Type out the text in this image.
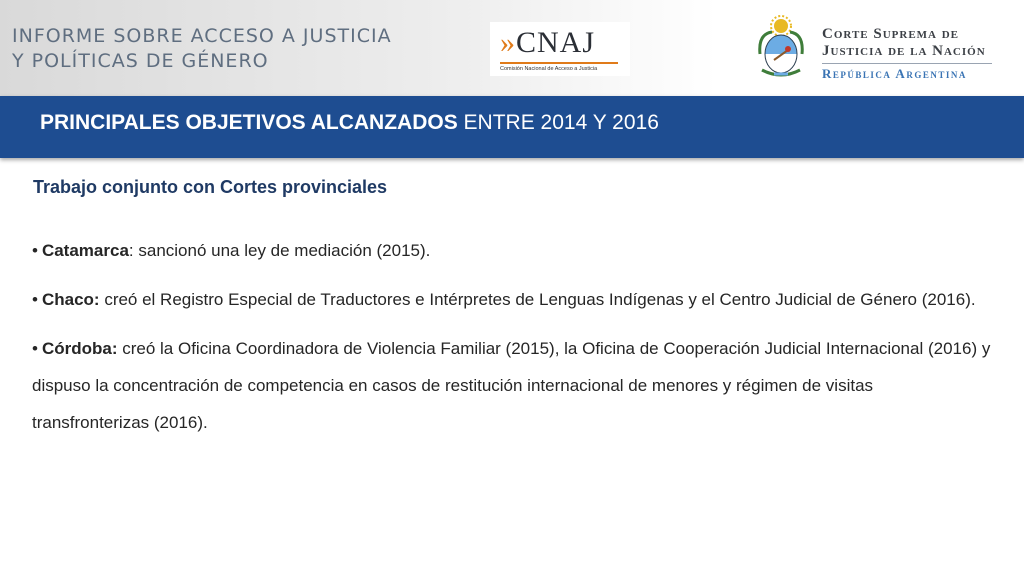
INFORME SOBRE ACCESO A JUSTICIA
Y POLÍTICAS DE GÉNERO
»CNAJ
Comisión Nacional de Acceso a Justicia
Corte Suprema de
Justicia de la Nación
República Argentina
PRINCIPALES OBJETIVOS ALCANZADOS ENTRE 2014 Y 2016
Trabajo conjunto con Cortes provinciales
• Catamarca: sancionó una ley de mediación (2015).
• Chaco: creó el Registro Especial de Traductores e Intérpretes de Lenguas Indígenas y el Centro Judicial de Género (2016).
• Córdoba: creó la Oficina Coordinadora de Violencia Familiar (2015), la Oficina de Cooperación Judicial Internacional (2016) y dispuso la concentración de competencia en casos de restitución internacional de menores y régimen de visitas transfronterizas (2016).
